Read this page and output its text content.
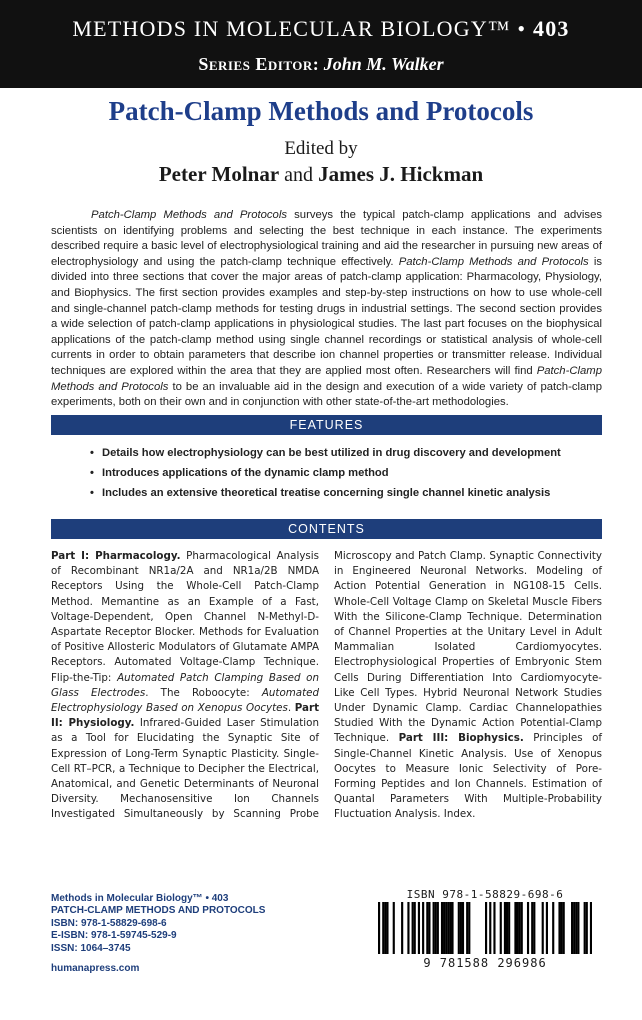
METHODS IN MOLECULAR BIOLOGY™ • 403
Series Editor: John M. Walker
Patch-Clamp Methods and Protocols
Edited by
Peter Molnar and James J. Hickman

Patch-Clamp Methods and Protocols surveys the typical patch-clamp applications and advises scientists on identifying problems and selecting the best technique in each instance. The experiments described require a basic level of electrophysiological training and aid the researcher in pursuing new areas of electrophysiology and using the patch-clamp technique effectively. Patch-Clamp Methods and Protocols is divided into three sections that cover the major areas of patch-clamp application: Pharmacology, Physiology, and Biophysics. The first section provides examples and step-by-step instructions on how to use whole-cell and single-channel patch-clamp methods for testing drugs in industrial settings. The second section provides a wide selection of patch-clamp applications in physiological studies. The last part focuses on the biophysical applications of the patch-clamp method using single channel recordings or statistical analysis of whole-cell currents in order to obtain parameters that describe ion channel properties or transmitter release. Individual techniques are explored within the area that they are applied most often. Researchers will find Patch-Clamp Methods and Protocols to be an invaluable aid in the design and execution of a wide variety of patch-clamp experiments, both on their own and in conjunction with other state-of-the-art methodologies.

FEATURES
• Details how electrophysiology can be best utilized in drug discovery and development
• Introduces applications of the dynamic clamp method
• Includes an extensive theoretical treatise concerning single channel kinetic analysis
CONTENTS
Part I: Pharmacology. Pharmacological Analysis of Recombinant NR1a/2A and NR1a/2B NMDA Receptors Using the Whole-Cell Patch-Clamp Method. Memantine as an Example of a Fast, Voltage-Dependent, Open Channel N-Methyl-D-Aspartate Receptor Blocker. Methods for Evaluation of Positive Allosteric Modulators of Glutamate AMPA Receptors. Automated Voltage-Clamp Technique. Flip-the-Tip: Automated Patch Clamping Based on Glass Electrodes. The Roboocyte: Automated Electrophysiology Based on Xenopus Oocytes. Part II: Physiology. Infrared-Guided Laser Stimulation as a Tool for Elucidating the Synaptic Site of Expression of Long-Term Synaptic Plasticity. Single-Cell RT–PCR, a Technique to Decipher the Electrical, Anatomical, and Genetic Determinants of Neuronal Diversity. Mechanosensitive Ion Channels Investigated Simultaneously by Scanning Probe Microscopy and Patch Clamp. Synaptic Connectivity in Engineered Neuronal Networks. Modeling of Action Potential Generation in NG108-15 Cells. Whole-Cell Voltage Clamp on Skeletal Muscle Fibers With the Silicone-Clamp Technique. Determination of Channel Properties at the Unitary Level in Adult Mammalian Isolated Cardiomyocytes. Electrophysiological Properties of Embryonic Stem Cells During Differentiation Into Cardiomyocyte-Like Cell Types. Hybrid Neuronal Network Studies Under Dynamic Clamp. Cardiac Channelopathies Studied With the Dynamic Action Potential-Clamp Technique. Part III: Biophysics. Principles of Single-Channel Kinetic Analysis. Use of Xenopus Oocytes to Measure Ionic Selectivity of Pore-Forming Peptides and Ion Channels. Estimation of Quantal Parameters With Multiple-Probability Fluctuation Analysis. Index.
Methods in Molecular Biology™ • 403
PATCH-CLAMP METHODS AND PROTOCOLS
ISBN: 978-1-58829-698-6
E-ISBN: 978-1-59745-529-9
ISSN: 1064–3745
humanapress.com
ISBN 978-1-58829-698-6
9 781588 296986
